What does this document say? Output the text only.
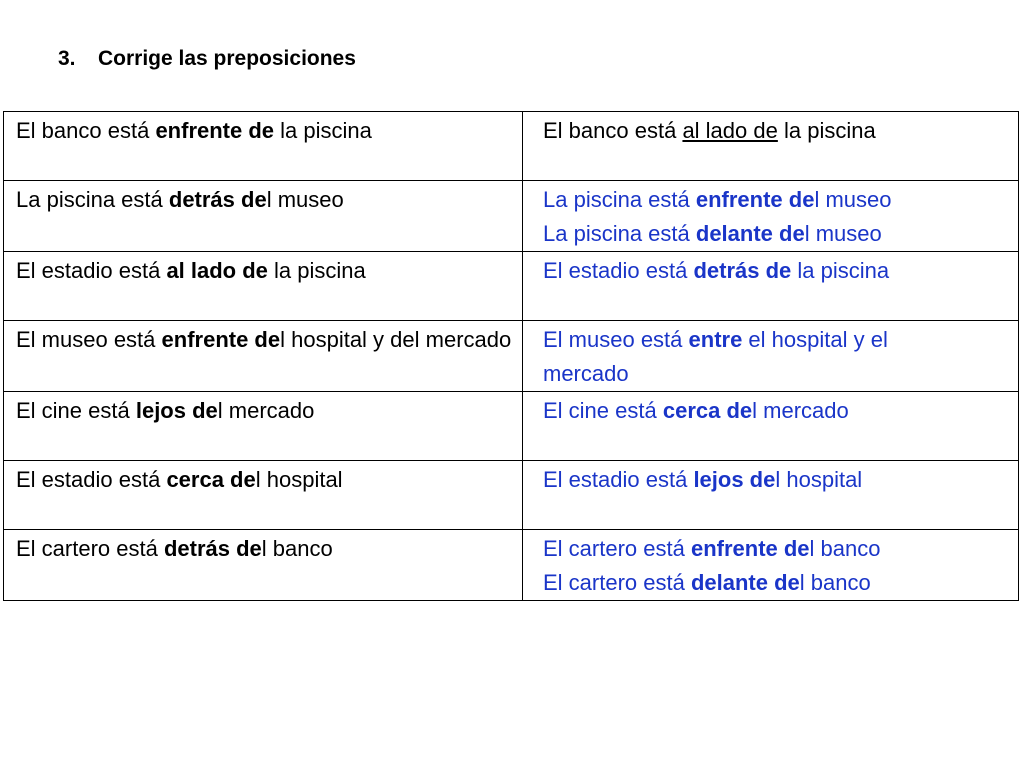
3. Corrige las preposiciones
El banco está enfrente de la piscina	El banco está al lado de la piscina

La piscina está detrás del museo	La piscina está enfrente del museo
La piscina está delante del museo

El estadio está al lado de la piscina	El estadio está detrás de la piscina

El museo está enfrente del hospital y del mercado	El museo está entre el hospital y el
mercado

El cine está lejos del mercado	El cine está cerca del mercado

El estadio está cerca del hospital	El estadio está lejos del hospital

El cartero está detrás del banco	El cartero está enfrente del banco
El cartero está delante del banco
